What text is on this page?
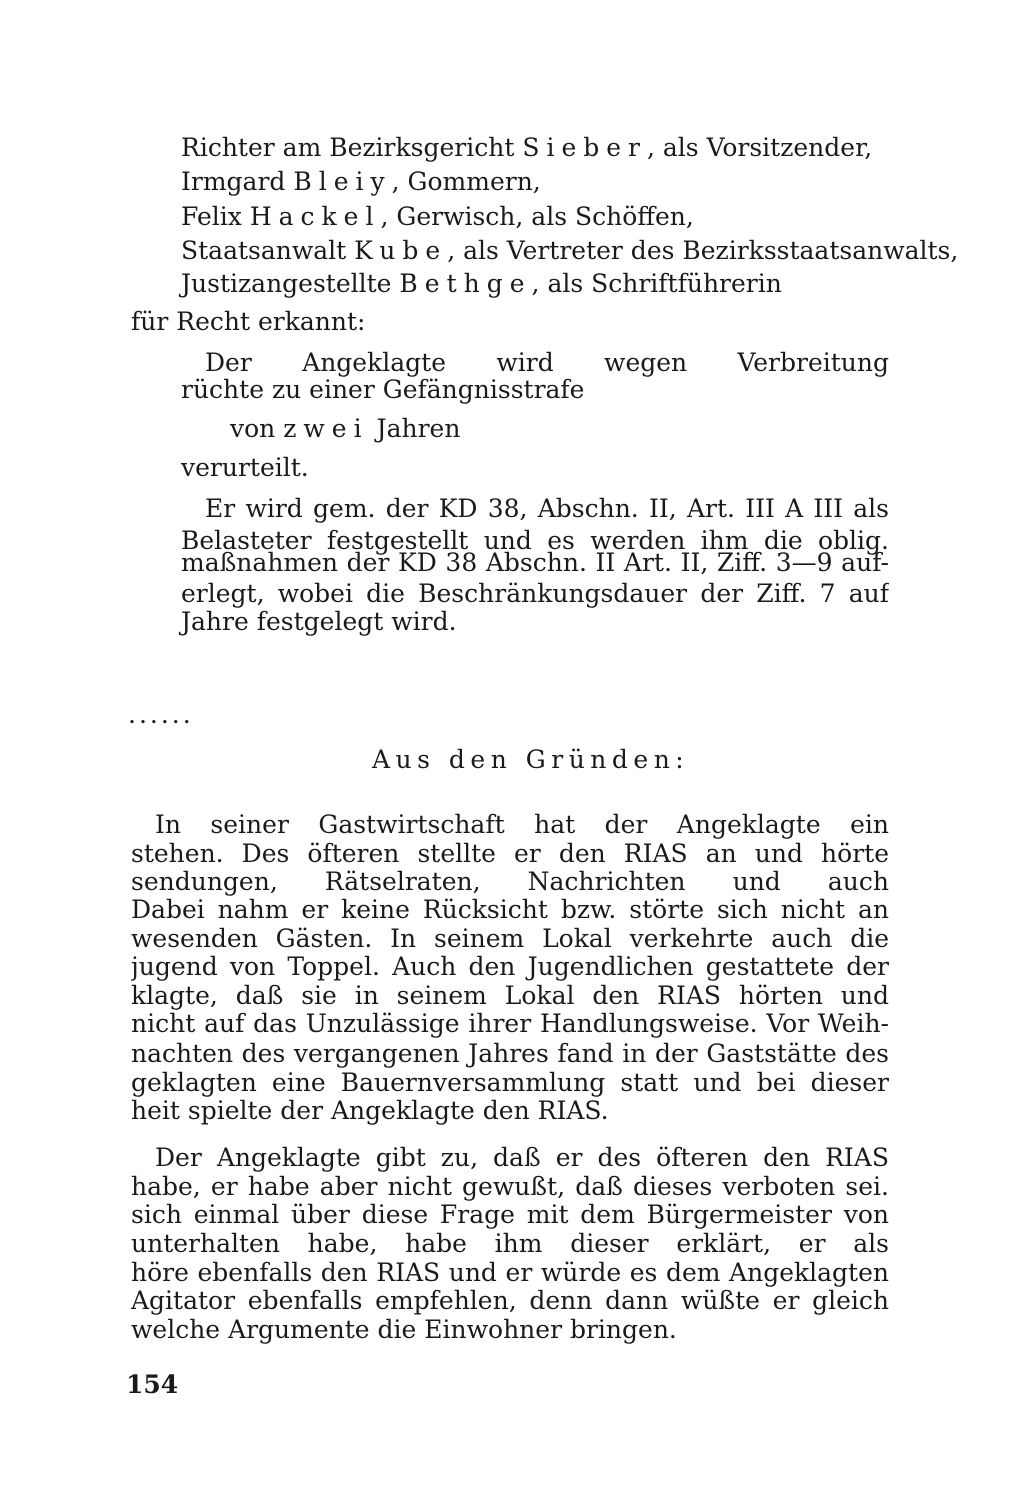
Richter am Bezirksgericht Sieber, als Vorsitzender,
Irmgard Bleiy, Gommern,
Felix Hackel, Gerwisch, als Schöffen,
Staatsanwalt Kube, als Vertreter des Bezirksstaatsanwalts,
Justizangestellte Bethge, als Schriftführerin
für Recht erkannt:
Der Angeklagte wird wegen Verbreitung
rüchte zu einer Gefängnisstrafe
von zwei Jahren
verurteilt.
Er wird gem. der KD 38, Abschn. II, Art. III A III als
Belasteter festgestellt und es werden ihm die oblig.
maßnahmen der KD 38 Abschn. II Art. II, Ziff. 3—9 auf-
erlegt, wobei die Beschränkungsdauer der Ziff. 7 auf
Jahre festgelegt wird.
......
Aus den Gründen:
In seiner Gastwirtschaft hat der Angeklagte ein
stehen. Des öfteren stellte er den RIAS an und hörte
sendungen, Rätselraten, Nachrichten und auch
Dabei nahm er keine Rücksicht bzw. störte sich nicht an
wesenden Gästen. In seinem Lokal verkehrte auch die
jugend von Toppel. Auch den Jugendlichen gestattete der
klagte, daß sie in seinem Lokal den RIAS hörten und
nicht auf das Unzulässige ihrer Handlungsweise. Vor Weih-
nachten des vergangenen Jahres fand in der Gaststätte des
geklagten eine Bauernversammlung statt und bei dieser
heit spielte der Angeklagte den RIAS.
Der Angeklagte gibt zu, daß er des öfteren den RIAS
habe, er habe aber nicht gewußt, daß dieses verboten sei.
sich einmal über diese Frage mit dem Bürgermeister von
unterhalten habe, habe ihm dieser erklärt, er als
höre ebenfalls den RIAS und er würde es dem Angeklagten
Agitator ebenfalls empfehlen, denn dann wüßte er gleich
welche Argumente die Einwohner bringen.
154
